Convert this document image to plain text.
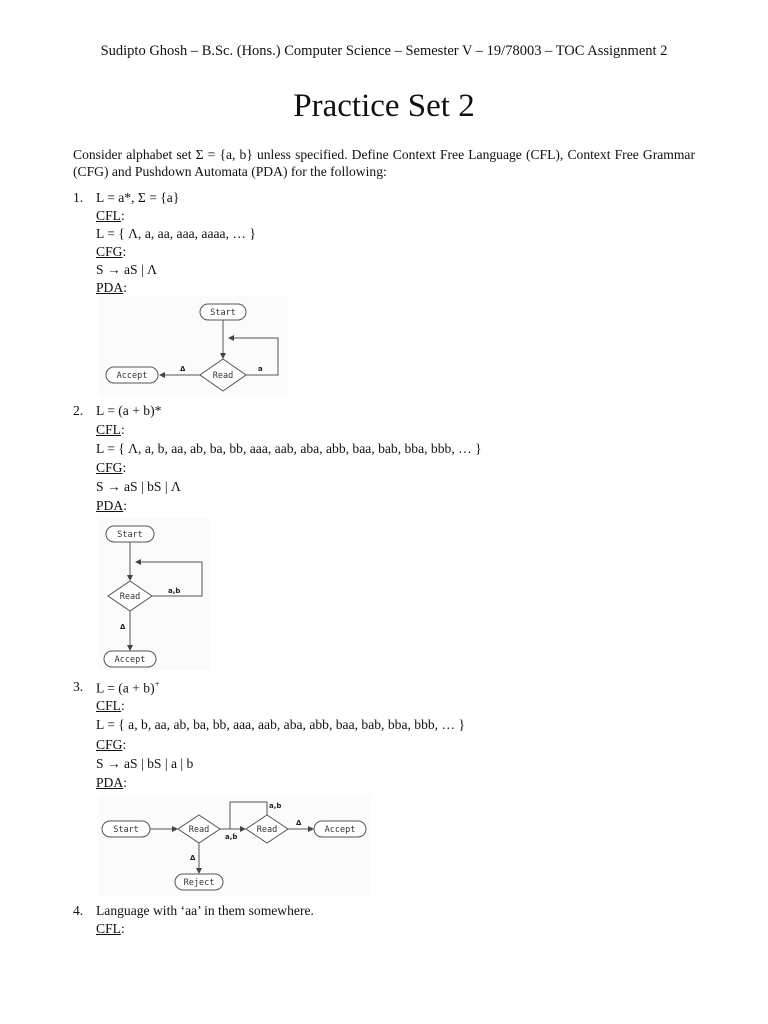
Sudipto Ghosh – B.Sc. (Hons.) Computer Science – Semester V – 19/78003 – TOC Assignment 2
Practice Set 2
Consider alphabet set Σ = {a, b} unless specified. Define Context Free Language (CFL), Context Free Grammar (CFG) and Pushdown Automata (PDA) for the following:
1. L = a*, Σ = {a}
CFL:
L = { Λ, a, aa, aaa, aaaa, … }
CFG:
S → aS | Λ
PDA:
Start
Read
a
Δ
Accept
2. L = (a + b)*
CFL:
L = { Λ, a, b, aa, ab, ba, bb, aaa, aab, aba, abb, baa, bab, bba, bbb, … }
CFG:
S → aS | bS | Λ
PDA:
Start
Read
a,b
Δ
Accept
3. L = (a + b)+
CFL:
L = { a, b, aa, ab, ba, bb, aaa, aab, aba, abb, baa, bab, bba, bbb, … }
CFG:
S → aS | bS | a | b
PDA:
Start	Read
a,b
Read
a,b
Δ
Accept
Δ
Reject
4. Language with ‘aa’ in them somewhere.
CFL:
